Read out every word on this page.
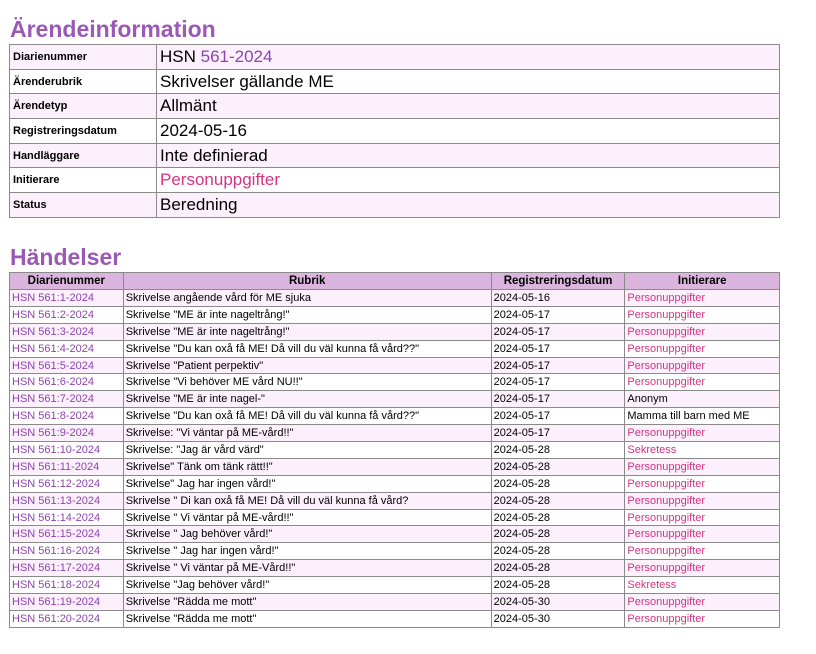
Ärendeinformation
Diarienummer	HSN 561-2024
Ärenderubrik	Skrivelser gällande ME
Ärendetyp	Allmänt
Registreringsdatum	2024-05-16
Handläggare	Inte definierad
Initierare	Personuppgifter
Status	Beredning
Händelser
Diarienummer	Rubrik	Registreringsdatum	Initierare
HSN 561:1-2024	Skrivelse angående vård för ME sjuka	2024-05-16	Personuppgifter
HSN 561:2-2024	Skrivelse "ME är inte nageltrång!"	2024-05-17	Personuppgifter
HSN 561:3-2024	Skrivelse "ME är inte nageltrång!"	2024-05-17	Personuppgifter
HSN 561:4-2024	Skrivelse "Du kan oxå få ME! Då vill du väl kunna få vård??"	2024-05-17	Personuppgifter
HSN 561:5-2024	Skrivelse "Patient perpektiv"	2024-05-17	Personuppgifter
HSN 561:6-2024	Skrivelse "Vi behöver ME vård NU!!"	2024-05-17	Personuppgifter
HSN 561:7-2024	Skrivelse "ME är inte nagel-"	2024-05-17	Anonym
HSN 561:8-2024	Skrivelse "Du kan oxå få ME! Då vill du väl kunna få vård??"	2024-05-17	Mamma till barn med ME
HSN 561:9-2024	Skrivelse: "Vi väntar på ME-vård!!"	2024-05-17	Personuppgifter
HSN 561:10-2024	Skrivelse: "Jag är vård värd"	2024-05-28	Sekretess
HSN 561:11-2024	Skrivelse" Tänk om tänk rätt!!"	2024-05-28	Personuppgifter
HSN 561:12-2024	Skrivelse" Jag har ingen vård!"	2024-05-28	Personuppgifter
HSN 561:13-2024	Skrivelse " Di kan oxå få ME! Då vill du väl kunna få vård?	2024-05-28	Personuppgifter
HSN 561:14-2024	Skrivelse " Vi väntar på ME-vård!!"	2024-05-28	Personuppgifter
HSN 561:15-2024	Skrivelse " Jag behöver vård!"	2024-05-28	Personuppgifter
HSN 561:16-2024	Skrivelse " Jag har ingen vård!"	2024-05-28	Personuppgifter
HSN 561:17-2024	Skrivelse " Vi väntar på ME-Vård!!"	2024-05-28	Personuppgifter
HSN 561:18-2024	Skrivelse "Jag behöver vård!"	2024-05-28	Sekretess
HSN 561:19-2024	Skrivelse "Rädda me mott"	2024-05-30	Personuppgifter
HSN 561:20-2024	Skrivelse "Rädda me mott"	2024-05-30	Personuppgifter
